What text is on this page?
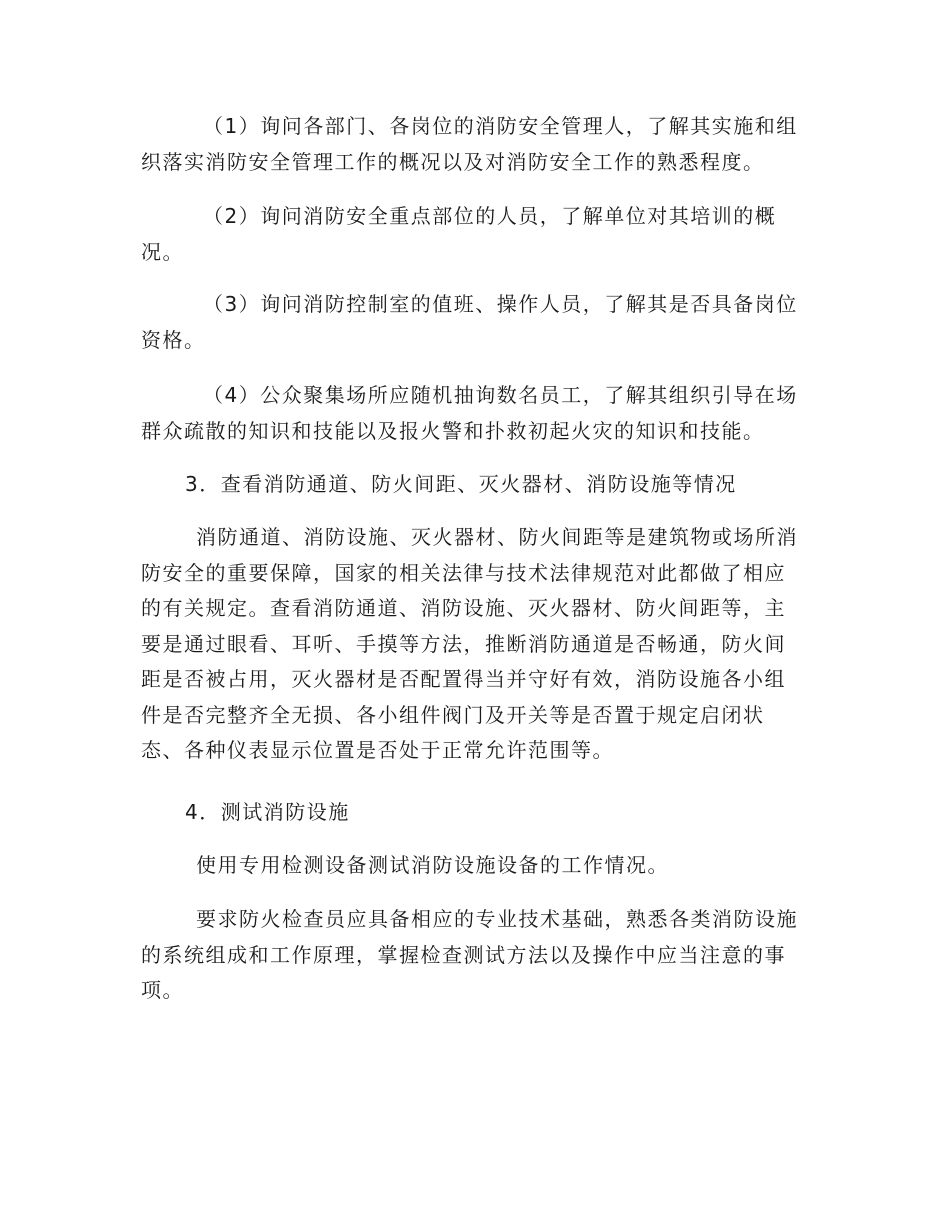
（1）询问各部门、各岗位的消防安全管理人，了解其实施和组
织落实消防安全管理工作的概况以及对消防安全工作的熟悉程度。
（2）询问消防安全重点部位的人员，了解单位对其培训的概
况。
（3）询问消防控制室的值班、操作人员，了解其是否具备岗位
资格。
（4）公众聚集场所应随机抽询数名员工，了解其组织引导在场
群众疏散的知识和技能以及报火警和扑救初起火灾的知识和技能。
3．查看消防通道、防火间距、灭火器材、消防设施等情况
消防通道、消防设施、灭火器材、防火间距等是建筑物或场所消
防安全的重要保障，国家的相关法律与技术法律规范对此都做了相应
的有关规定。查看消防通道、消防设施、灭火器材、防火间距等，主
要是通过眼看、耳听、手摸等方法，推断消防通道是否畅通，防火间
距是否被占用，灭火器材是否配置得当并守好有效，消防设施各小组
件是否完整齐全无损、各小组件阀门及开关等是否置于规定启闭状
态、各种仪表显示位置是否处于正常允许范围等。
4．测试消防设施
使用专用检测设备测试消防设施设备的工作情况。
要求防火检查员应具备相应的专业技术基础，熟悉各类消防设施
的系统组成和工作原理，掌握检查测试方法以及操作中应当注意的事
项。
